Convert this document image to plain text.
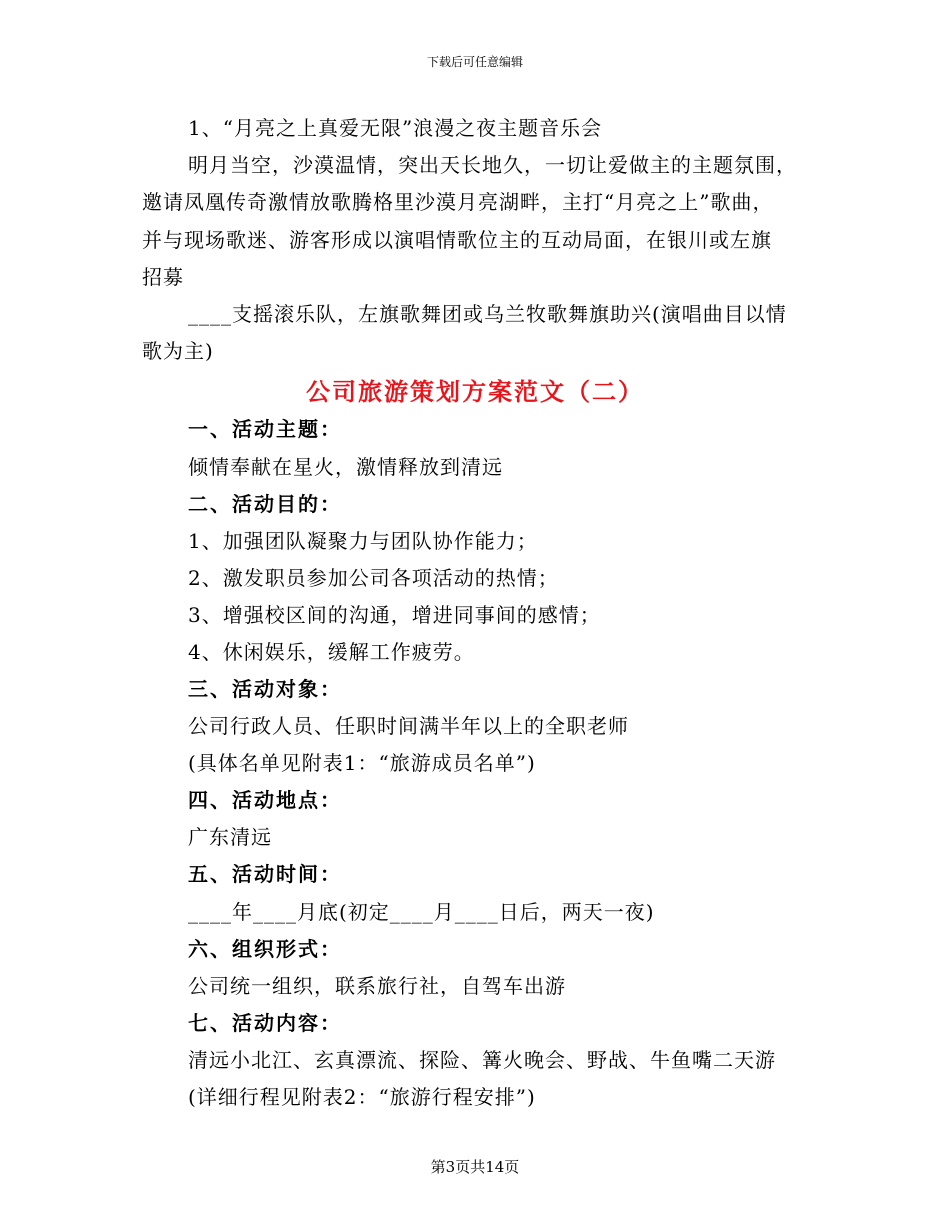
下载后可任意编辑
1、“月亮之上真爱无限”浪漫之夜主题音乐会
明月当空，沙漠温情，突出天长地久，一切让爱做主的主题氛围，
邀请凤凰传奇激情放歌腾格里沙漠月亮湖畔，主打“月亮之上”歌曲，
并与现场歌迷、游客形成以演唱情歌位主的互动局面，在银川或左旗
招募
____支摇滚乐队，左旗歌舞团或乌兰牧歌舞旗助兴(演唱曲目以情
歌为主)
公司旅游策划方案范文（二）
一、活动主题：
倾情奉献在星火，激情释放到清远
二、活动目的：
1、加强团队凝聚力与团队协作能力；
2、激发职员参加公司各项活动的热情；
3、增强校区间的沟通，增进同事间的感情；
4、休闲娱乐，缓解工作疲劳。
三、活动对象：
公司行政人员、任职时间满半年以上的全职老师
(具体名单见附表1：“旅游成员名单”)
四、活动地点：
广东清远
五、活动时间：
____年____月底(初定____月____日后，两天一夜)
六、组织形式：
公司统一组织，联系旅行社，自驾车出游
七、活动内容：
清远小北江、玄真漂流、探险、篝火晚会、野战、牛鱼嘴二天游
(详细行程见附表2：“旅游行程安排”)
第3页共14页
